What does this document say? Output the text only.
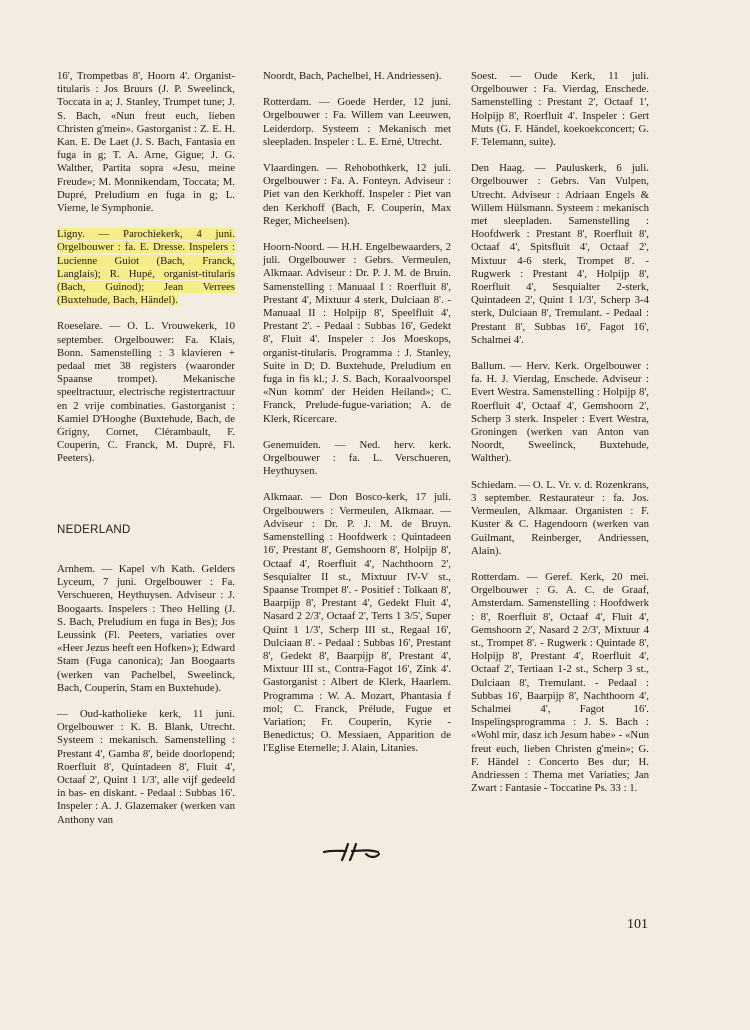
16', Trompetbas 8', Hoorn 4'. Organist-titularis : Jos Bruurs (J. P. Sweelinck, Toccata in a; J. Stanley, Trumpet tune; J. S. Bach, «Nun freut euch, lieben Christen g'mein». Gastorganist : Z. E. H. Kan. E. De Laet (J. S. Bach, Fantasia en fuga in g; T. A. Arne, Gigue; J. G. Walther, Partita sopra «Jesu, meine Freude»; M. Monnikendam, Toccata; M. Dupré, Preludium en fuga in g; L. Vierne, le Symphonie.
Ligny. — Parochiekerk, 4 juni. Orgelbouwer : fa. E. Dresse. Inspelers : Lucienne Guiot (Bach, Franck, Langlais); R. Hupé, organist-titularis (Bach, Guinod); Jean Verrees (Buxtehude, Bach, Händel).
Roeselare. — O. L. Vrouwekerk, 10 september. Orgelbouwer: Fa. Klais, Bonn. Samenstelling : 3 klavieren + pedaal met 38 registers (waaronder Spaanse trompet). Mekanische speeltractuur, electrische registertractuur en 2 vrije combinaties. Gastorganist : Kamiel D'Hooghe (Buxtehude, Bach, de Grigny, Cornet, Clérambault, F. Couperin, C. Franck, M. Dupré, Fl. Peeters).
NEDERLAND
Arnhem. — Kapel v/h Kath. Gelders Lyceum, 7 juni. Orgelbouwer : Fa. Verschueren, Heythuysen. Adviseur : J. Boogaarts. Inspelers : Theo Helling (J. S. Bach, Preludium en fuga in Bes); Jos Leussink (Fl. Peeters, variaties over «Heer Jezus heeft een Hofken»); Edward Stam (Fuga canonica); Jan Boogaarts (werken van Pachelbel, Sweelinck, Bach, Couperin, Stam en Buxtehude).
— Oud-katholieke kerk, 11 juni. Orgelbouwer : K. B. Blank, Utrecht. Systeem : mekanisch. Samenstelling : Prestant 4', Gamba 8', beide doorlopend; Roerfluit 8', Quintadeen 8', Fluit 4', Octaaf 2', Quint 1 1/3', alle vijf gedeeld in bas- en diskant. - Pedaal : Subbas 16'. Inspeler : A. J. Glazemaker (werken van Anthony van
Noordt, Bach, Pachelbel, H. Andriessen).
Rotterdam. — Goede Herder, 12 juni. Orgelbouwer : Fa. Willem van Leeuwen, Leiderdorp. Systeem : Mekanisch met sleepladen. Inspeler : L. E. Erné, Utrecht.
Vlaardingen. — Rehobothkerk, 12 juli. Orgelbouwer : Fa. A. Fonteyn. Adviseur : Piet van den Kerkhoff. Inspeler : Piet van den Kerkhoff (Bach, F. Couperin, Max Reger, Micheelsen).
Hoorn-Noord. — H.H. Engelbewaarders, 2 juli. Orgelbouwer : Gebrs. Vermeulen, Alkmaar. Adviseur : Dr. P. J. M. de Bruin. Samenstelling : Manuaal I : Roerfluit 8', Prestant 4', Mixtuur 4 sterk, Dulciaan 8'. - Manuaal II : Holpijp 8', Speelfluit 4', Prestant 2'. - Pedaal : Subbas 16', Gedekt 8', Fluit 4'. Inspeler : Jos Moeskops, organist-titularis. Programma : J. Stanley, Suite in D; D. Buxtehude, Preludium en fuga in fis kl.; J. S. Bach, Koraalvoorspel «Nun komm' der Heiden Heiland»; C. Franck, Prelude-fugue-variation; A. de Klerk, Ricercare.
Genemuiden. — Ned. herv. kerk. Orgelbouwer : fa. L. Verschueren, Heythuysen.
Alkmaar. — Don Bosco-kerk, 17 juli. Orgelbouwers : Vermeulen, Alkmaar. — Adviseur : Dr. P. J. M. de Bruyn. Samenstelling : Hoofdwerk : Quintadeen 16', Prestant 8', Gemshoorn 8', Holpijp 8', Octaaf 4', Roerfluit 4', Nachthoorn 2', Sesquialter II st., Mixtuur IV-V st., Spaanse Trompet 8'. - Positief : Tolkaan 8', Baarpijp 8', Prestant 4', Gedekt Fluit 4', Nasard 2 2/3', Octaaf 2', Terts 1 3/5', Super Quint 1 1/3', Scherp III st., Regaal 16', Dulciaan 8'. - Pedaal : Subbas 16', Prestant 8', Gedekt 8', Baarpijp 8', Prestant 4', Mixtuur III st., Contra-Fagot 16', Zink 4'. Gastorganist : Albert de Klerk, Haarlem. Programma : W. A. Mozart, Phantasia f mol; C. Franck, Prélude, Fugue et Variation; Fr. Couperin, Kyrie - Benedictus; O. Messiaen, Apparition de l'Eglise Eternelle; J. Alain, Litanies.
Soest. — Oude Kerk, 11 juli. Orgelbouwer : Fa. Vierdag, Enschede. Samenstelling : Prestant 2', Octaaf 1', Holpijp 8', Roerfluit 4'. Inspeler : Gert Muts (G. F. Händel, koekoekconcert; G. F. Telemann, suite).
Den Haag. — Pauluskerk, 6 juli. Orgelbouwer : Gebrs. Van Vulpen, Utrecht. Adviseur : Adriaan Engels & Willem Hülsmann. Systeem : mekanisch met sleepladen. Samenstelling : Hoofdwerk : Prestant 8', Roerfluit 8', Octaaf 4', Spitsfluit 4', Octaaf 2', Mixtuur 4-6 sterk, Trompet 8'. - Rugwerk : Prestant 4', Holpijp 8', Roerfluit 4', Sesquialter 2-sterk, Quintadeen 2', Quint 1 1/3', Scherp 3-4 sterk, Dulciaan 8', Tremulant. - Pedaal : Prestant 8', Subbas 16', Fagot 16', Schalmei 4'.
Ballum. — Herv. Kerk. Orgelbouwer : fa. H. J. Vierdag, Enschede. Adviseur : Evert Westra. Samenstelling : Holpijp 8', Roerfluit 4', Octaaf 4', Gemshoorn 2', Scherp 3 sterk. Inspeler : Evert Westra, Groningen (werken van Anton van Noordt, Sweelinck, Buxtehude, Walther).
Schiedam. — O. L. Vr. v. d. Rozenkrans, 3 september. Restaurateur : fa. Jos. Vermeulen, Alkmaar. Organisten : F. Kuster & C. Hagendoorn (werken van Guilmant, Reinberger, Andriessen, Alain).
Rotterdam. — Geref. Kerk, 20 mei. Orgelbouwer : G. A. C. de Graaf, Amsterdam. Samenstelling : Hoofdwerk : 8', Roerfluit 8', Octaaf 4', Fluit 4', Gemshoorn 2', Nasard 2 2/3', Mixtuur 4 st., Trompet 8'. - Rugwerk : Quintade 8', Holpijp 8', Prestant 4', Roerfluit 4', Octaaf 2', Tertiaan 1-2 st., Scherp 3 st., Dulciaan 8', Tremulant. - Pedaal : Subbas 16', Baarpijp 8', Nachthoorn 4', Schalmei 4', Fagot 16'. Inspelingsprogramma : J. S. Bach : «Wohl mir, dasz ich Jesum habe» - «Nun freut euch, lieben Christen g'mein»; G. F. Händel : Concerto Bes dur; H. Andriessen : Thema met Variaties; Jan Zwart : Fantasie - Toccatine Ps. 33 : 1.
101
